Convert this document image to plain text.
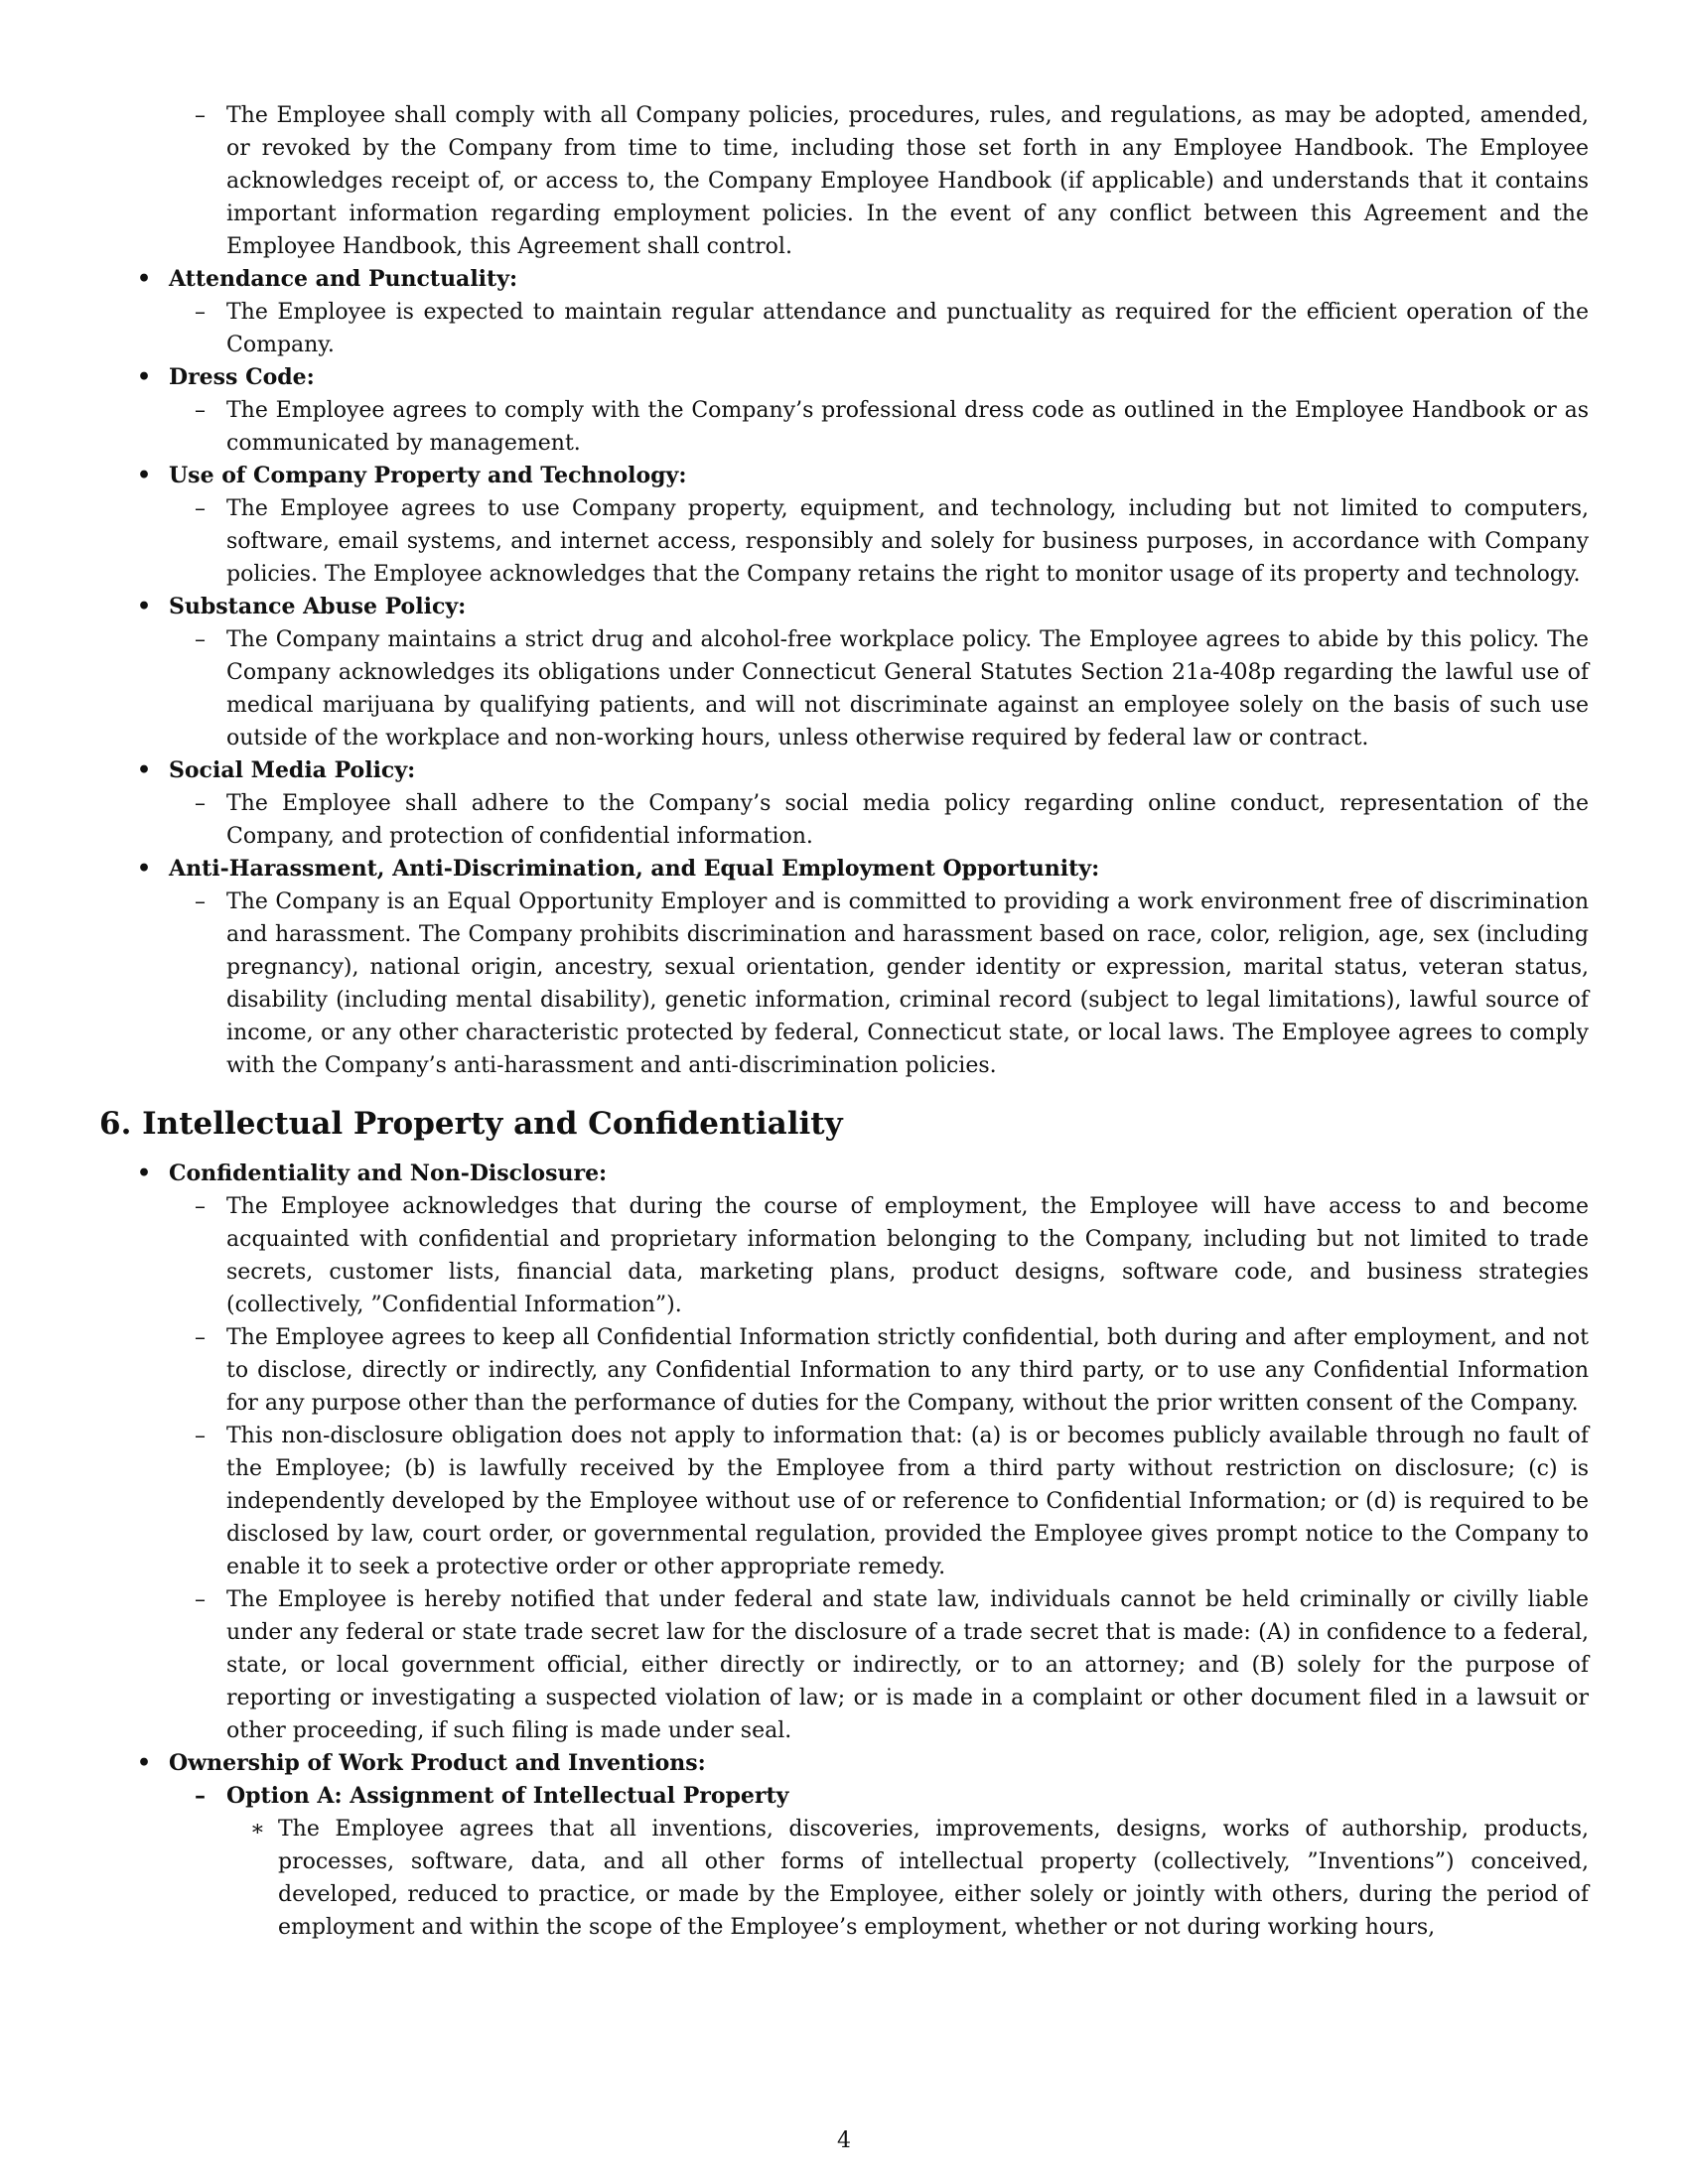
– The Employee shall comply with all Company policies, procedures, rules, and regulations, as may be adopted, amended, or revoked by the Company from time to time, including those set forth in any Employee Handbook. The Employee acknowledges receipt of, or access to, the Company Employee Handbook (if applicable) and understands that it contains important information regarding employment policies. In the event of any conflict between this Agreement and the Employee Handbook, this Agreement shall control.

• Attendance and Punctuality:

– The Employee is expected to maintain regular attendance and punctuality as required for the efficient operation of the Company.

• Dress Code:

– The Employee agrees to comply with the Company’s professional dress code as outlined in the Employee Handbook or as communicated by management.

• Use of Company Property and Technology:

– The Employee agrees to use Company property, equipment, and technology, including but not limited to computers, software, email systems, and internet access, responsibly and solely for business purposes, in accordance with Company policies. The Employee acknowledges that the Company retains the right to monitor usage of its property and technology.

• Substance Abuse Policy:

– The Company maintains a strict drug and alcohol-free workplace policy. The Employee agrees to abide by this policy. The Company acknowledges its obligations under Connecticut General Statutes Section 21a-408p regarding the lawful use of medical marijuana by qualifying patients, and will not discriminate against an employee solely on the basis of such use outside of the workplace and non-working hours, unless otherwise required by federal law or contract.

• Social Media Policy:

– The Employee shall adhere to the Company’s social media policy regarding online conduct, representation of the Company, and protection of confidential information.

• Anti-Harassment, Anti-Discrimination, and Equal Employment Opportunity:

– The Company is an Equal Opportunity Employer and is committed to providing a work environment free of discrimination and harassment. The Company prohibits discrimination and harassment based on race, color, religion, age, sex (including pregnancy), national origin, ancestry, sexual orientation, gender identity or expression, marital status, veteran status, disability (including mental disability), genetic information, criminal record (subject to legal limitations), lawful source of income, or any other characteristic protected by federal, Connecticut state, or local laws. The Employee agrees to comply with the Company’s anti-harassment and anti-discrimination policies.

6. Intellectual Property and Confidentiality

• Confidentiality and Non-Disclosure:

– The Employee acknowledges that during the course of employment, the Employee will have access to and become acquainted with confidential and proprietary information belonging to the Company, including but not limited to trade secrets, customer lists, financial data, marketing plans, product designs, software code, and business strategies (collectively, ”Confidential Information”).

– The Employee agrees to keep all Confidential Information strictly confidential, both during and after employment, and not to disclose, directly or indirectly, any Confidential Information to any third party, or to use any Confidential Information for any purpose other than the performance of duties for the Company, without the prior written consent of the Company.

– This non-disclosure obligation does not apply to information that: (a) is or becomes publicly available through no fault of the Employee; (b) is lawfully received by the Employee from a third party without restriction on disclosure; (c) is independently developed by the Employee without use of or reference to Confidential Information; or (d) is required to be disclosed by law, court order, or governmental regulation, provided the Employee gives prompt notice to the Company to enable it to seek a protective order or other appropriate remedy.

– The Employee is hereby notified that under federal and state law, individuals cannot be held criminally or civilly liable under any federal or state trade secret law for the disclosure of a trade secret that is made: (A) in confidence to a federal, state, or local government official, either directly or indirectly, or to an attorney; and (B) solely for the purpose of reporting or investigating a suspected violation of law; or is made in a complaint or other document filed in a lawsuit or other proceeding, if such filing is made under seal.

• Ownership of Work Product and Inventions:

– Option A: Assignment of Intellectual Property

∗ The Employee agrees that all inventions, discoveries, improvements, designs, works of authorship, products, processes, software, data, and all other forms of intellectual property (collectively, ”Inventions”) conceived, developed, reduced to practice, or made by the Employee, either solely or jointly with others, during the period of employment and within the scope of the Employee’s employment, whether or not during working hours,

4
